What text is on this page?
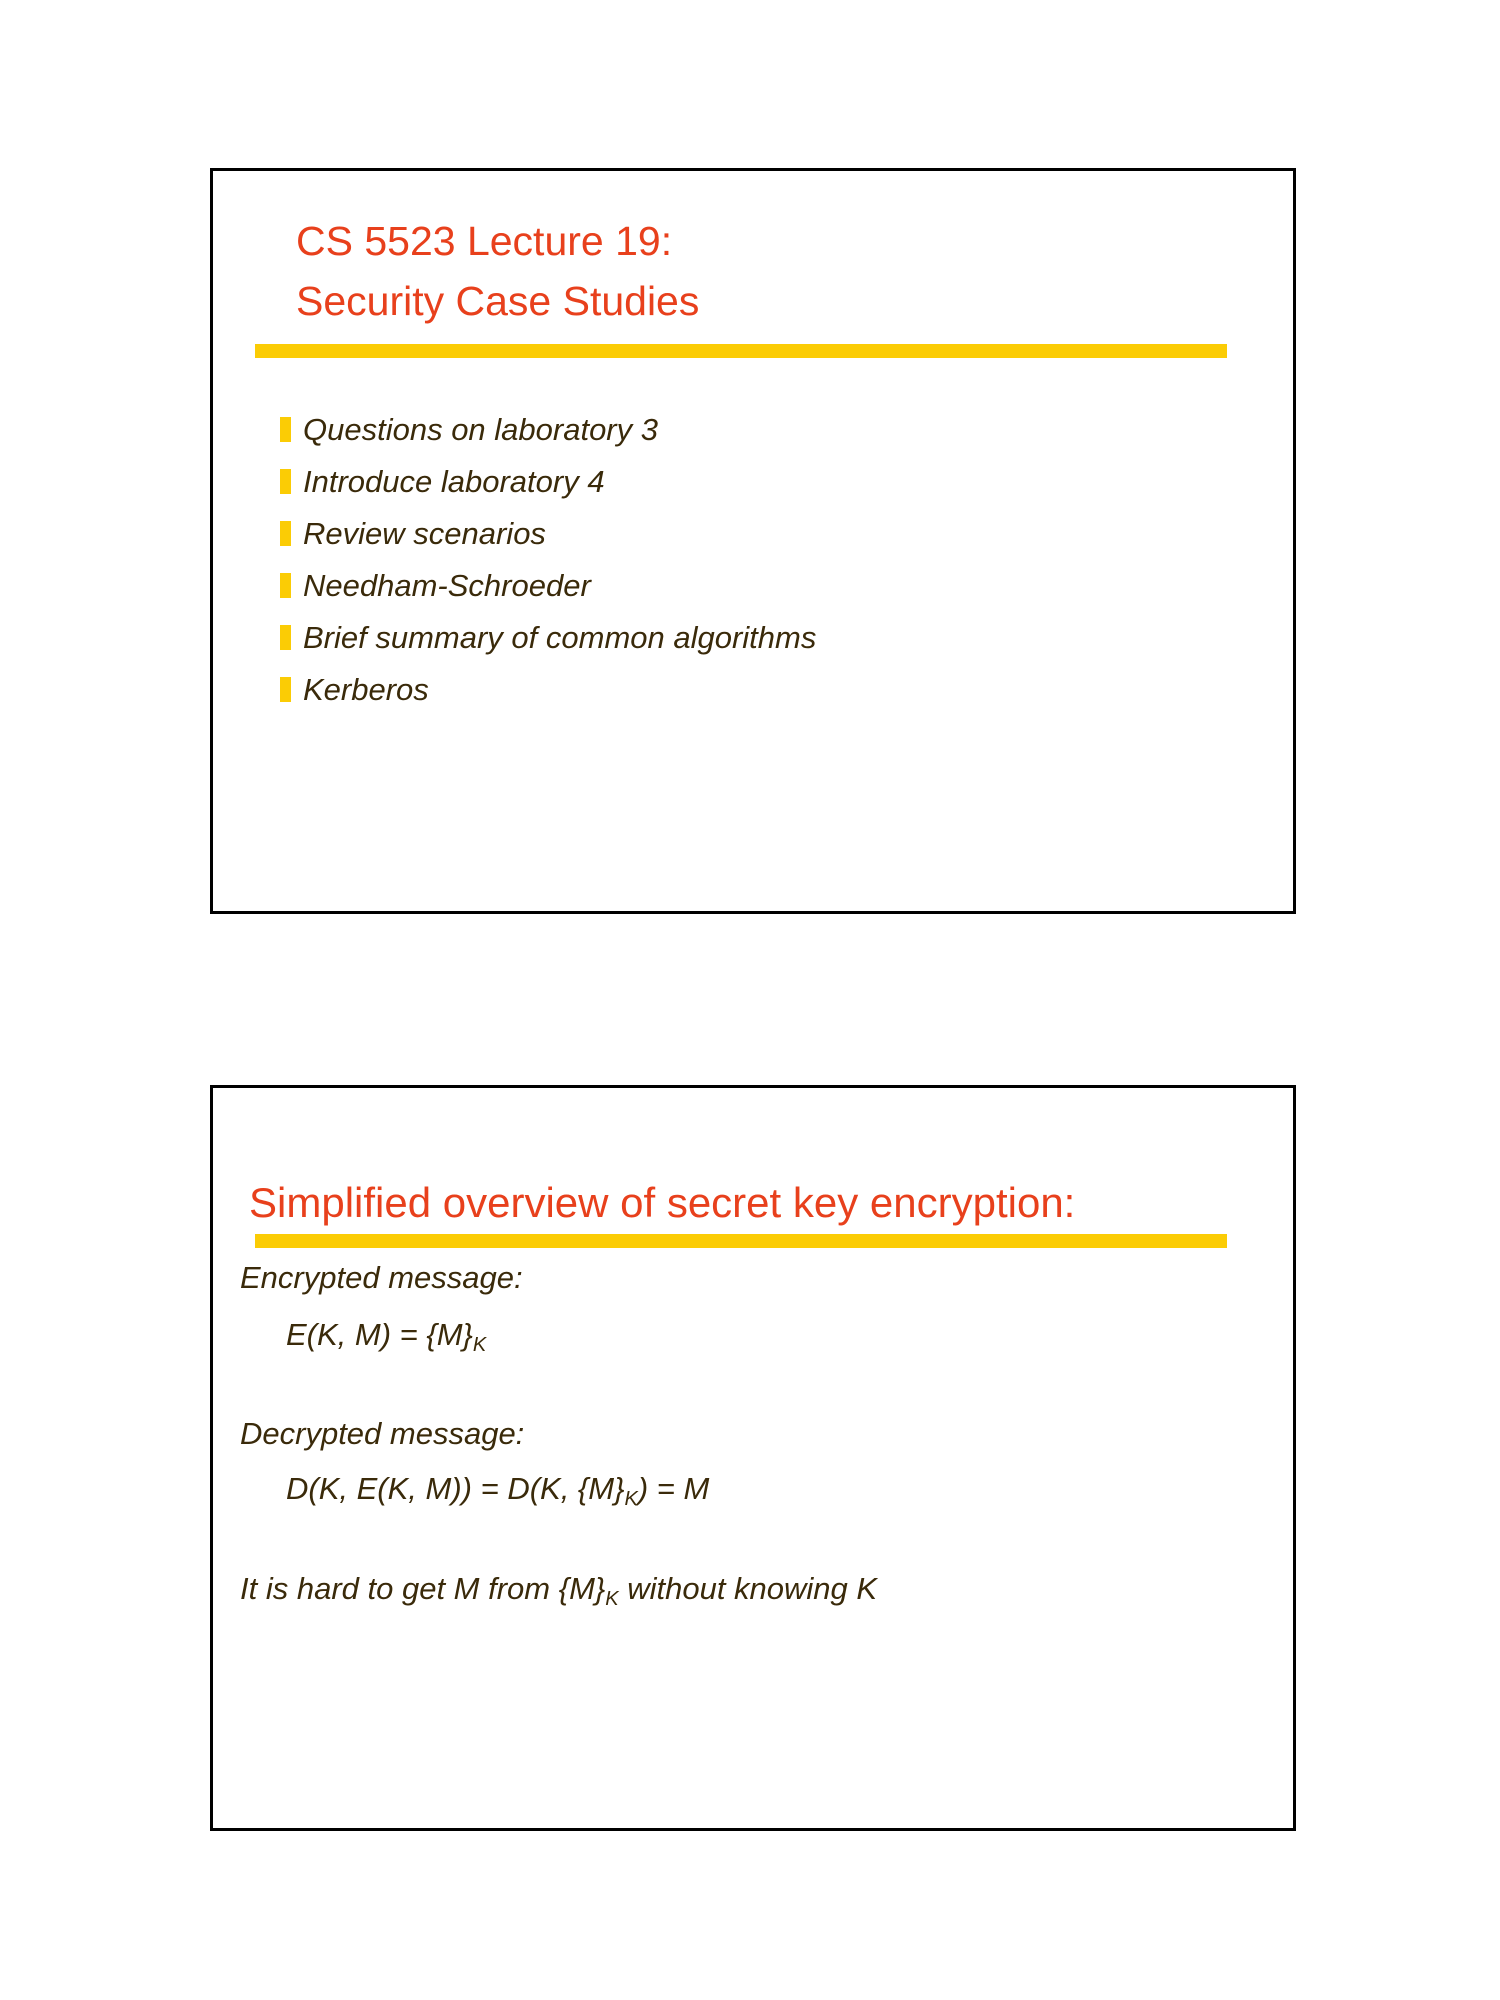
CS 5523 Lecture 19:
Security Case Studies
Questions on laboratory 3
Introduce laboratory 4
Review scenarios
Needham-Schroeder
Brief summary of common algorithms
Kerberos
Simplified overview of secret key encryption:
Encrypted message:
E(K, $M) = \{M\}_K$
Decrypted message:
D(K, E(K, M)) = D(K, $\{M\}_K) = M$
It is hard to get M from $\{M\}_K$ without knowing K
